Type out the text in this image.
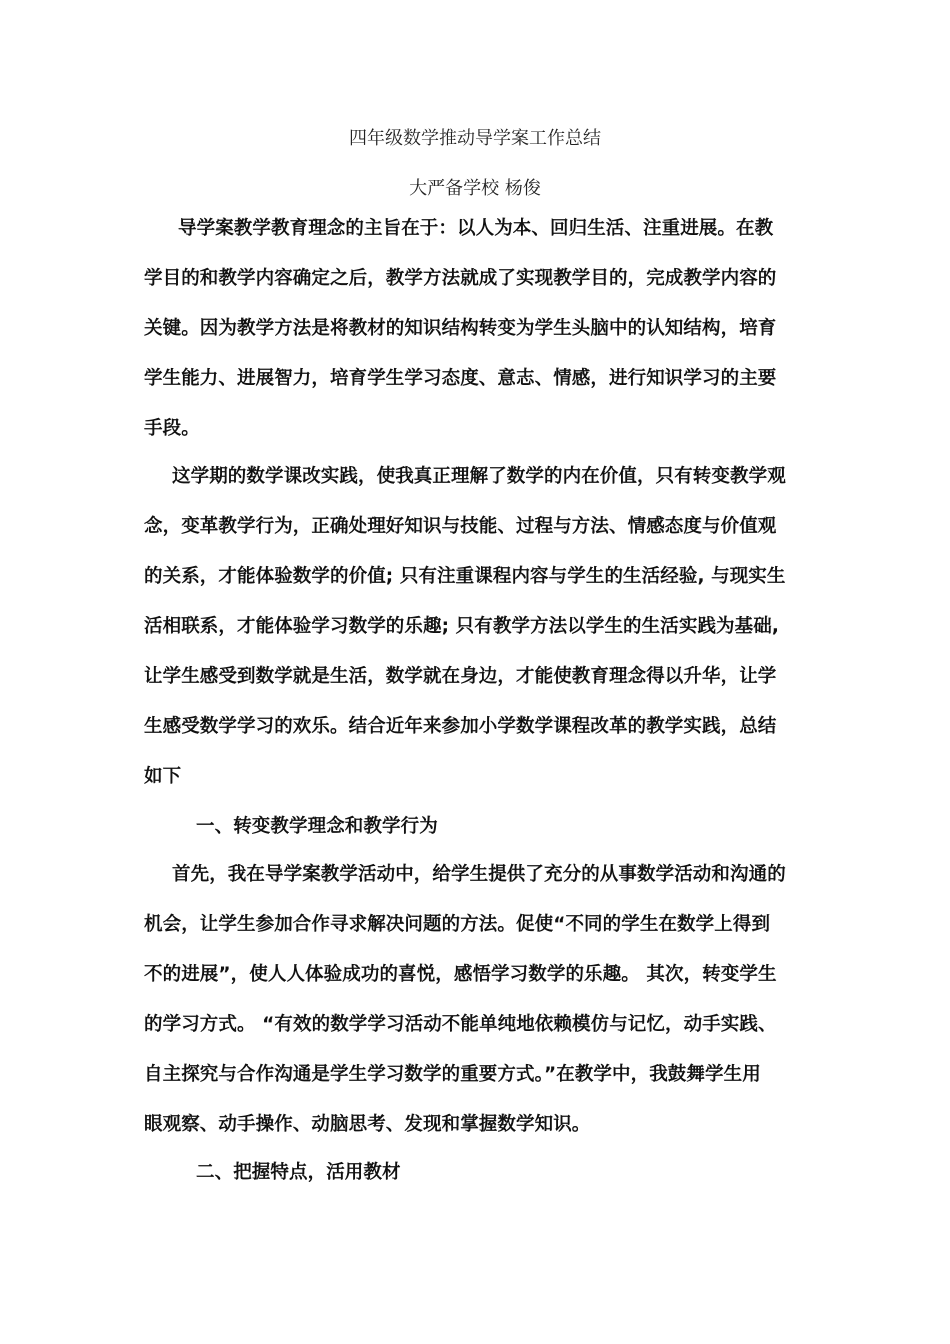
四年级数学推动导学案工作总结
大严备学校 杨俊
导学案教学教育理念的主旨在于：以人为本、回归生活、注重进展。在教
学目的和教学内容确定之后，教学方法就成了实现教学目的，完成教学内容的
关键。因为教学方法是将教材的知识结构转变为学生头脑中的认知结构，培育
学生能力、进展智力，培育学生学习态度、意志、情感，进行知识学习的主要
手段。
这学期的数学课改实践，使我真正理解了数学的内在价值，只有转变教学观
念，变革教学行为，正确处理好知识与技能、过程与方法、情感态度与价值观
的关系，才能体验数学的价值; 只有注重课程内容与学生的生活经验, 与现实生
活相联系，才能体验学习数学的乐趣; 只有教学方法以学生的生活实践为基础,
让学生感受到数学就是生活，数学就在身边，才能使教育理念得以升华，让学
生感受数学学习的欢乐。结合近年来参加小学数学课程改革的教学实践，总结
如下
一、转变教学理念和教学行为
首先，我在导学案教学活动中，给学生提供了充分的从事数学活动和沟通的
机会，让学生参加合作寻求解决问题的方法。促使“不同的学生在数学上得到
不的进展”，使人人体验成功的喜悦，感悟学习数学的乐趣。 其次，转变学生
的学习方式。 “有效的数学学习活动不能单纯地依赖模仿与记忆，动手实践、
自主探究与合作沟通是学生学习数学的重要方式。”在教学中，我鼓舞学生用
眼观察、动手操作、动脑思考、发现和掌握数学知识。
二、把握特点，活用教材
